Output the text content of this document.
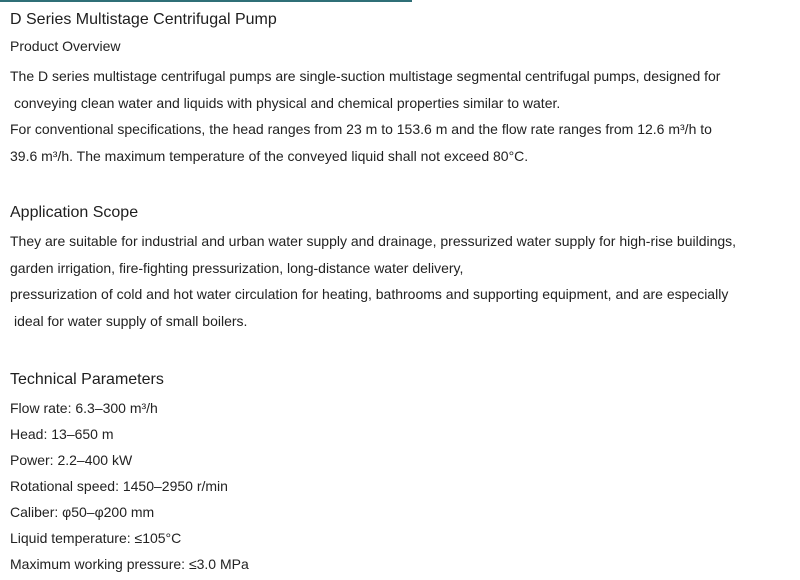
D Series Multistage Centrifugal Pump
Product Overview

The D series multistage centrifugal pumps are single-suction multistage segmental centrifugal pumps, designed for

conveying clean water and liquids with physical and chemical properties similar to water.
For conventional specifications, the head ranges from 23 m to 153.6 m and the flow rate ranges from 12.6 m³/h to
39.6 m³/h. The maximum temperature of the conveyed liquid shall not exceed 80°C.

Application Scope

They are suitable for industrial and urban water supply and drainage, pressurized water supply for high-rise buildings,
garden irrigation, fire-fighting pressurization, long-distance water delivery,
pressurization of cold and hot water circulation for heating, bathrooms and supporting equipment, and are especially

ideal for water supply of small boilers.

Technical Parameters
Flow rate: 6.3–300 m³/h
Head: 13–650 m
Power: 2.2–400 kW
Rotational speed: 1450–2950 r/min
Caliber: φ50–φ200 mm
Liquid temperature: ≤105°C
Maximum working pressure: ≤3.0 MPa
